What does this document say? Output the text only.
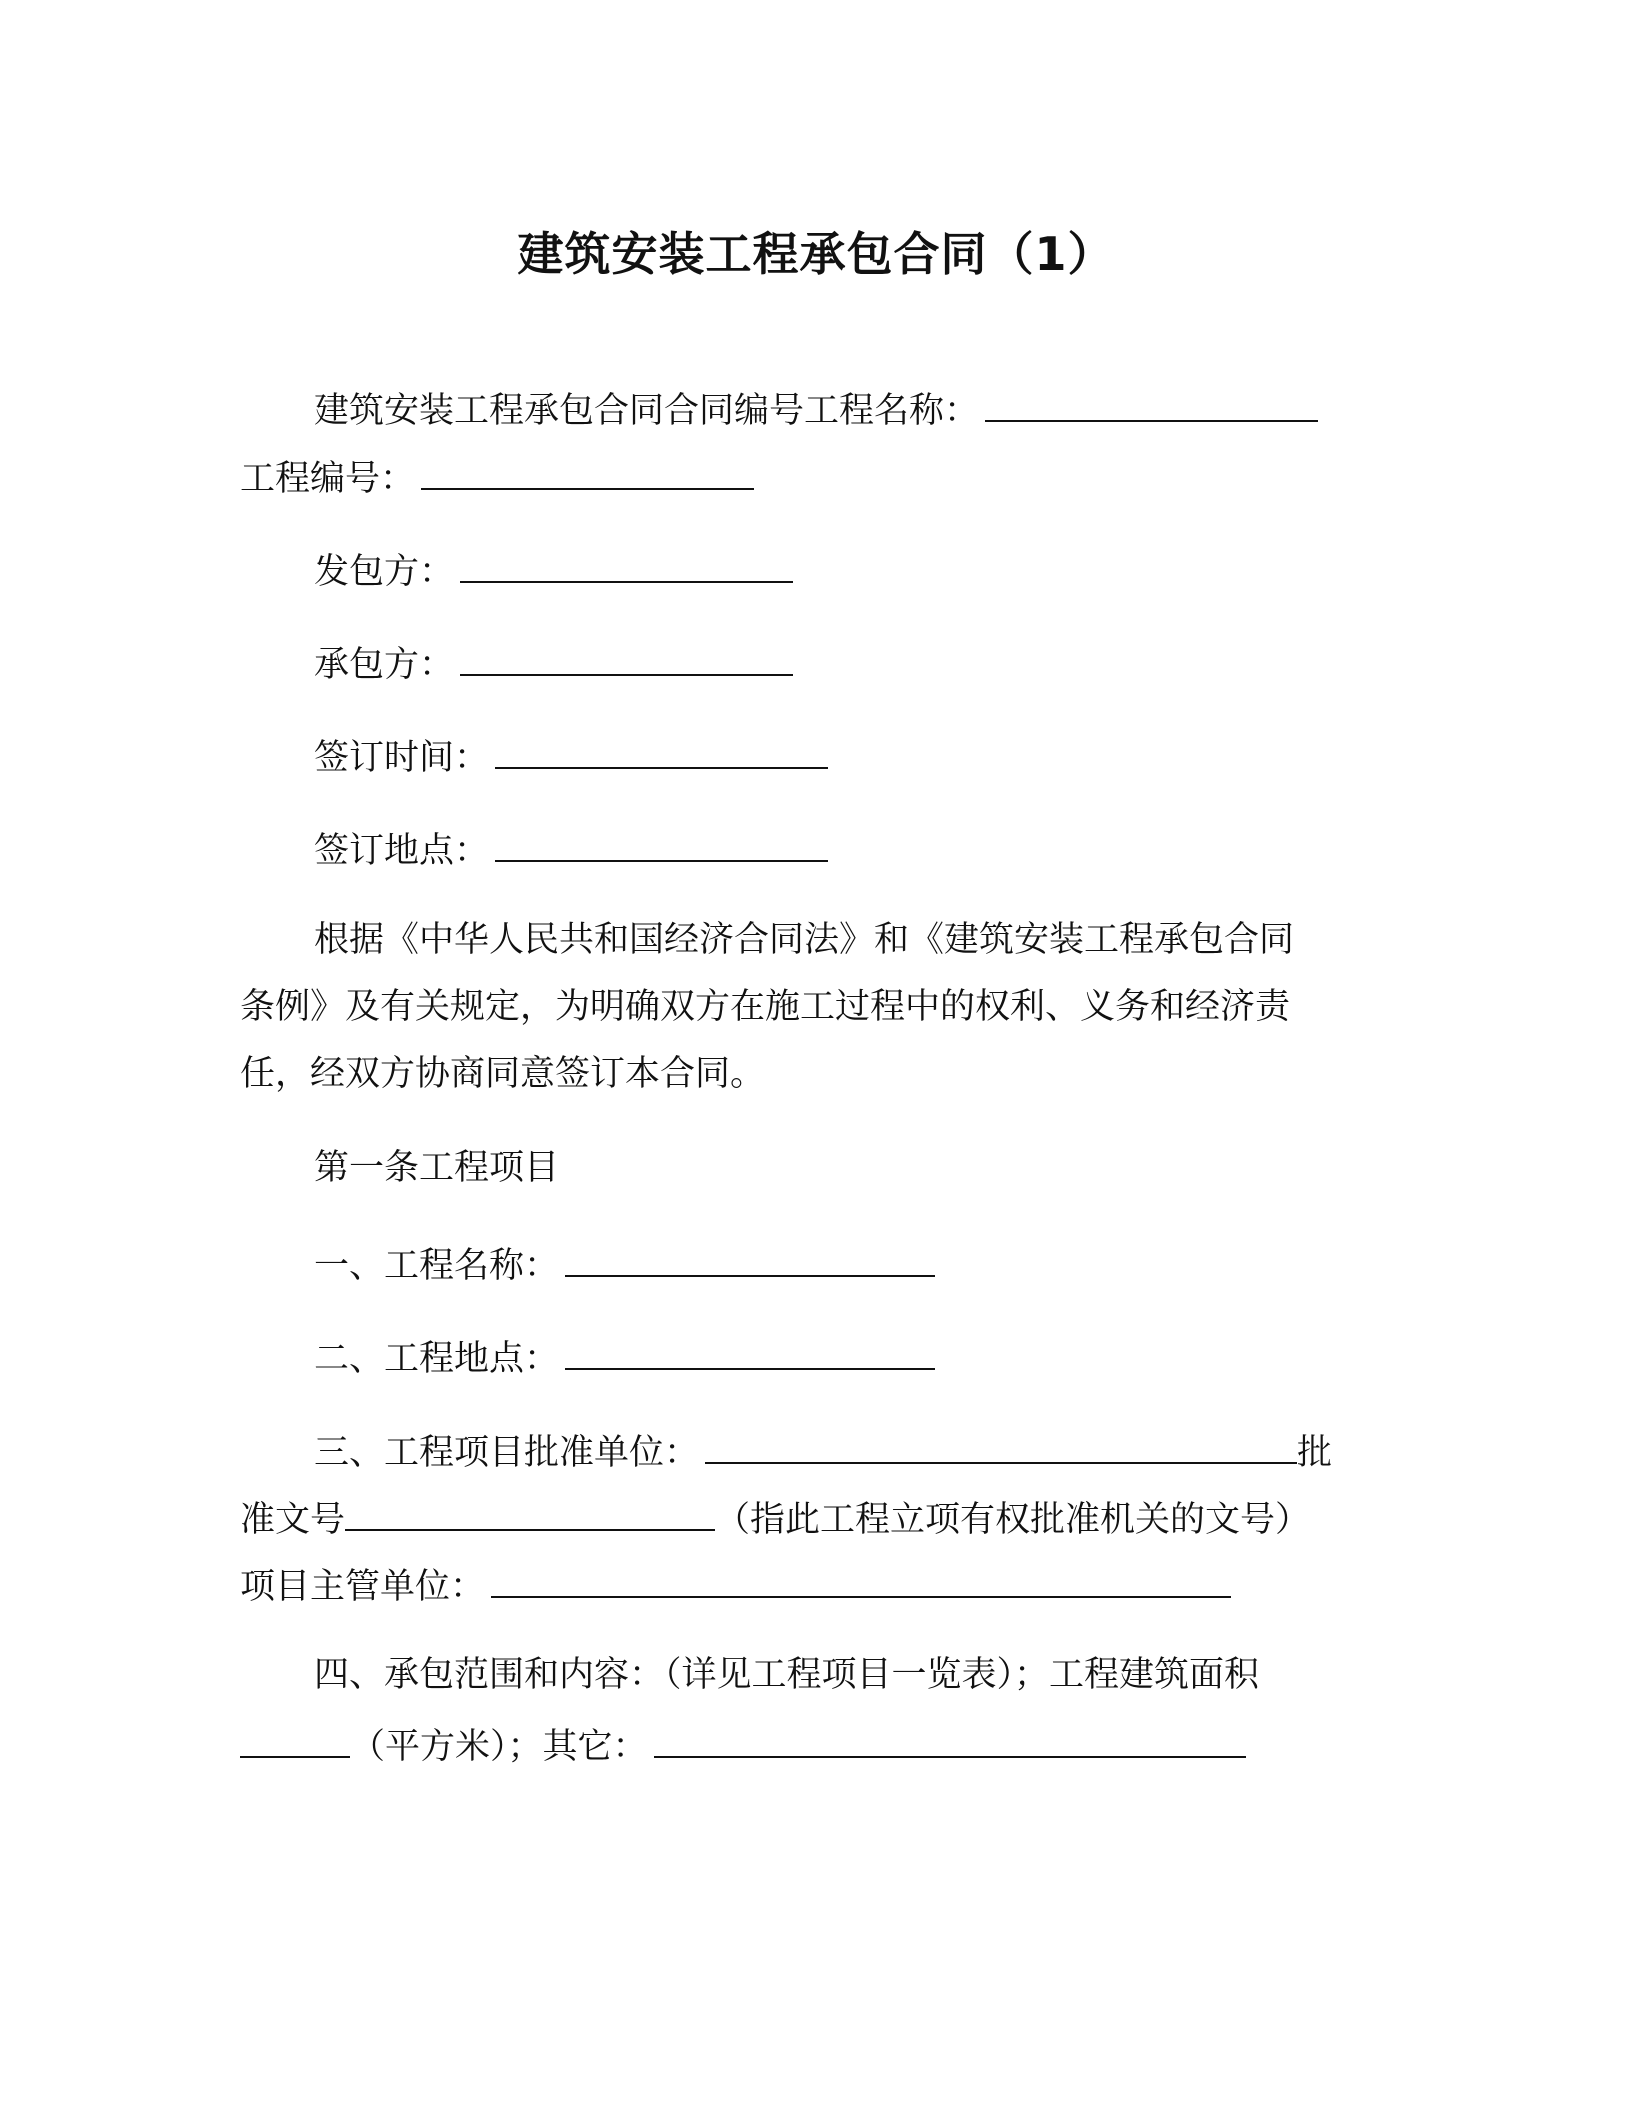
建筑安装工程承包合同（1）
建筑安装工程承包合同合同编号工程名称：
工程编号：
发包方：
承包方：
签订时间：
签订地点：
根据《中华人民共和国经济合同法》和《建筑安装工程承包合同
条例》及有关规定，为明确双方在施工过程中的权利、义务和经济责
任，经双方协商同意签订本合同。
第一条工程项目
一、工程名称：
二、工程地点：
三、工程项目批准单位：	批
准文号	（指此工程立项有权批准机关的文号）
项目主管单位：
四、承包范围和内容：（详见工程项目一览表）；工程建筑面积
（平方米）；其它：
